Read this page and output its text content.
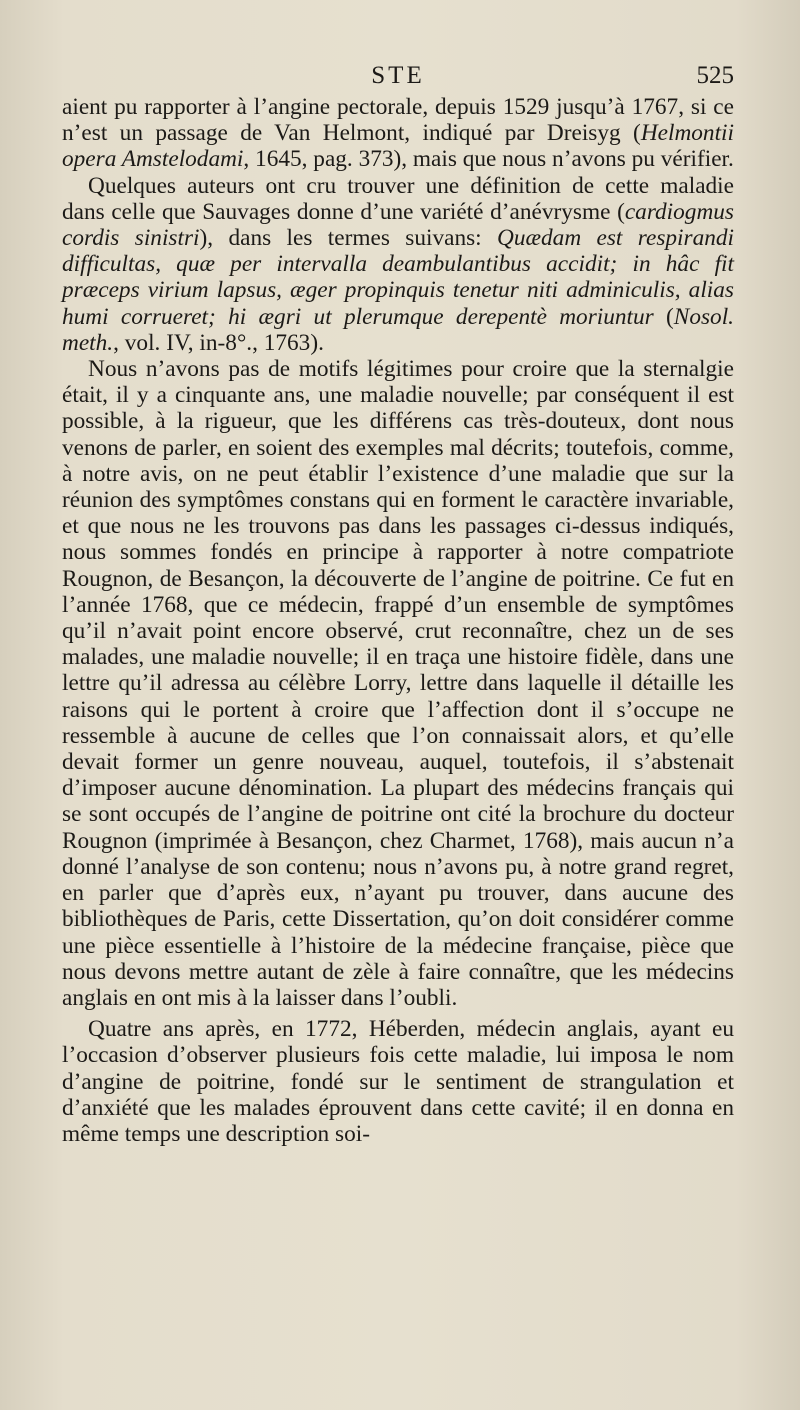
STE	525

aient pu rapporter à l’angine pectorale, depuis 1529 jusqu’à 1767, si ce n’est un passage de Van Helmont, indiqué par Dreisyg (Helmontii opera Amstelodami, 1645, pag. 373), mais que nous n’avons pu vérifier.

Quelques auteurs ont cru trouver une définition de cette maladie dans celle que Sauvages donne d’une variété d’anévrysme (cardiogmus cordis sinistri), dans les termes suivans: Quædam est respirandi difficultas, quæ per intervalla deambulantibus accidit; in hâc fit præceps virium lapsus, æger propinquis tenetur niti adminiculis, alias humi corrueret; hi ægri ut plerumque derepentè moriuntur (Nosol. meth., vol. IV, in-8°., 1763).

Nous n’avons pas de motifs légitimes pour croire que la sternalgie était, il y a cinquante ans, une maladie nouvelle; par conséquent il est possible, à la rigueur, que les différens cas très-douteux, dont nous venons de parler, en soient des exemples mal décrits; toutefois, comme, à notre avis, on ne peut établir l’existence d’une maladie que sur la réunion des symptômes constans qui en forment le caractère invariable, et que nous ne les trouvons pas dans les passages ci-dessus indiqués, nous sommes fondés en principe à rapporter à notre compatriote Rougnon, de Besançon, la découverte de l’angine de poitrine. Ce fut en l’année 1768, que ce médecin, frappé d’un ensemble de symptômes qu’il n’avait point encore observé, crut reconnaître, chez un de ses malades, une maladie nouvelle; il en traça une histoire fidèle, dans une lettre qu’il adressa au célèbre Lorry, lettre dans laquelle il détaille les raisons qui le portent à croire que l’affection dont il s’occupe ne ressemble à aucune de celles que l’on connaissait alors, et qu’elle devait former un genre nouveau, auquel, toutefois, il s’abstenait d’imposer aucune dénomination. La plupart des médecins français qui se sont occupés de l’angine de poitrine ont cité la brochure du docteur Rougnon (imprimée à Besançon, chez Charmet, 1768), mais aucun n’a donné l’analyse de son contenu; nous n’avons pu, à notre grand regret, en parler que d’après eux, n’ayant pu trouver, dans aucune des bibliothèques de Paris, cette Dissertation, qu’on doit considérer comme une pièce essentielle à l’histoire de la médecine française, pièce que nous devons mettre autant de zèle à faire connaître, que les médecins anglais en ont mis à la laisser dans l’oubli.

Quatre ans après, en 1772, Héberden, médecin anglais, ayant eu l’occasion d’observer plusieurs fois cette maladie, lui imposa le nom d’angine de poitrine, fondé sur le sentiment de strangulation et d’anxiété que les malades éprouvent dans cette cavité; il en donna en même temps une description soi-
